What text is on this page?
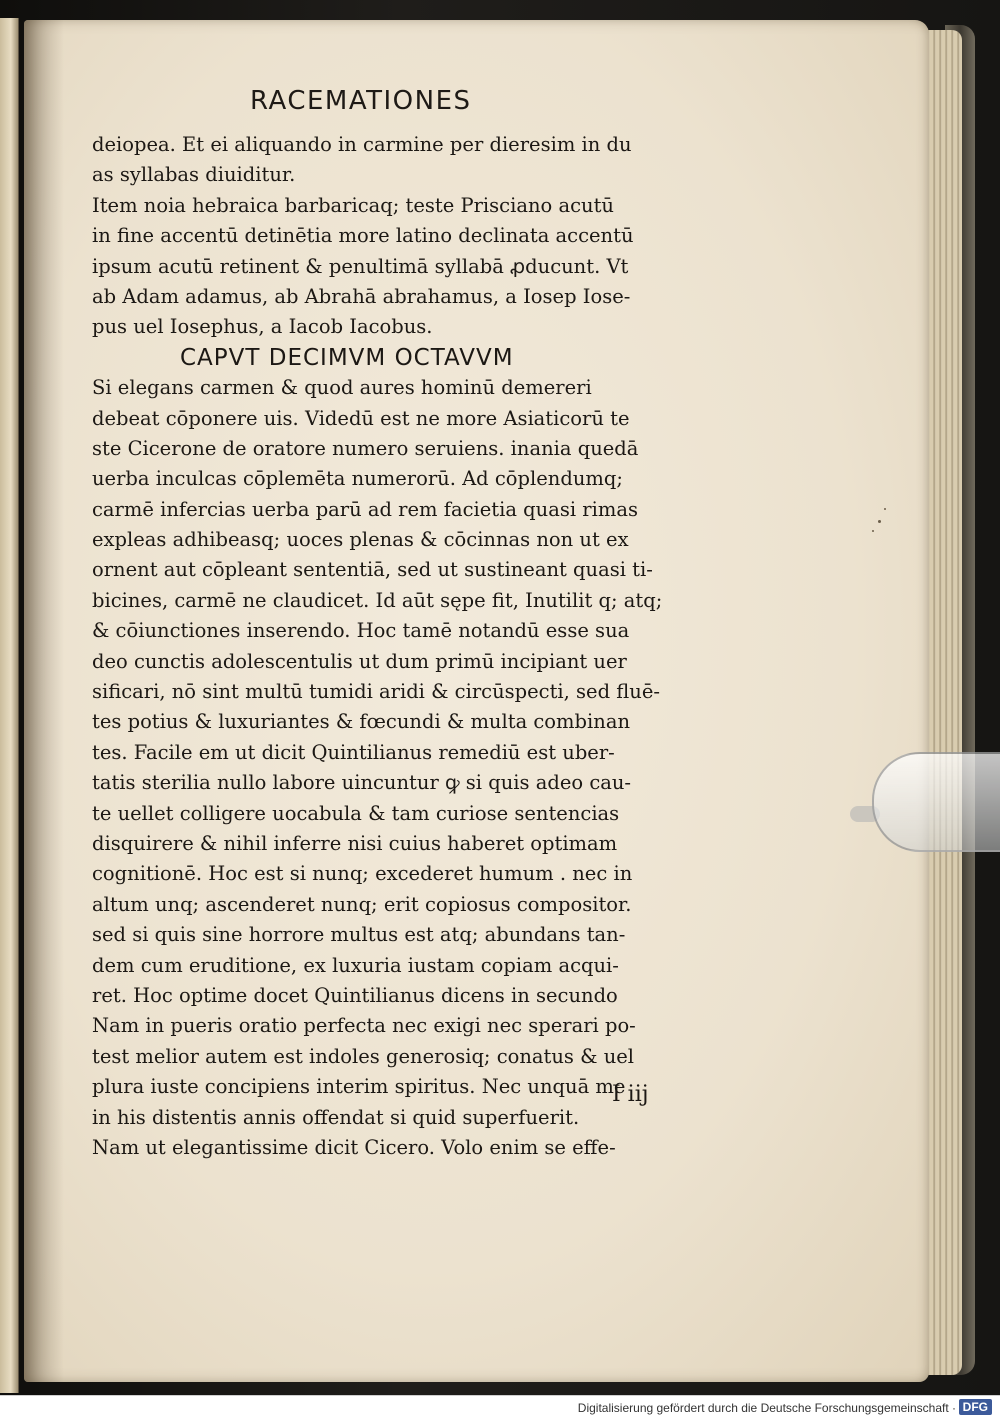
RACEMATIONES
deiopea. Et ei aliquando in carmine per dieresim in du
as syllabas diuiditur.
Item noia hebraica barbaricaq; teste Prisciano acutū
in fine accentū detinētia more latino declinata accentū
ipsum acutū retinent & penultimā syllabā ꝓducunt. Vt
ab Adam adamus, ab Abrahā abrahamus, a Iosep Iose-
pus uel Iosephus, a Iacob Iacobus.
CAPVT DECIMVM OCTAVVM
Si elegans carmen & quod aures hominū demereri
debeat cōponere uis. Videdū est ne more Asiaticorū te
ste Cicerone de oratore numero seruiens. inania quedā
uerba inculcas cōplemēta numerorū. Ad cōplendumq;
carmē infercias uerba parū ad rem facietia quasi rimas
expleas adhibeasq; uoces plenas & cōcinnas non ut ex
ornent aut cōpleant sententiā, sed ut sustineant quasi ti-
bicines, carmē ne claudicet. Id aūt sępe fit, Inutilit q; atq;
& cōiunctiones inserendo. Hoc tamē notandū esse sua
deo cunctis adolescentulis ut dum primū incipiant uer
sificari, nō sint multū tumidi aridi & circūspecti, sed fluē-
tes potius & luxuriantes & fœcundi & multa combinan
tes. Facile em ut dicit Quintilianus remediū est uber-
tatis sterilia nullo labore uincuntur ꝙ si quis adeo cau-
te uellet colligere uocabula & tam curiose sentencias
disquirere & nihil inferre nisi cuius haberet optimam
cognitionē. Hoc est si nunq; excederet humum . nec in
altum unq; ascenderet nunq; erit copiosus compositor.
sed si quis sine horrore multus est atq; abundans tan-
dem cum eruditione, ex luxuria iustam copiam acqui-
ret. Hoc optime docet Quintilianus dicens in secundo
Nam in pueris oratio perfecta nec exigi nec sperari po-
test melior autem est indoles generosiq; conatus & uel
plura iuste concipiens interim spiritus. Nec unquā me
in his distentis annis offendat si quid superfuerit.
Nam ut elegantissime dicit Cicero. Volo enim se effe-
I iij
Digitalisierung gefördert durch die Deutsche Forschungsgemeinschaft · DFG
